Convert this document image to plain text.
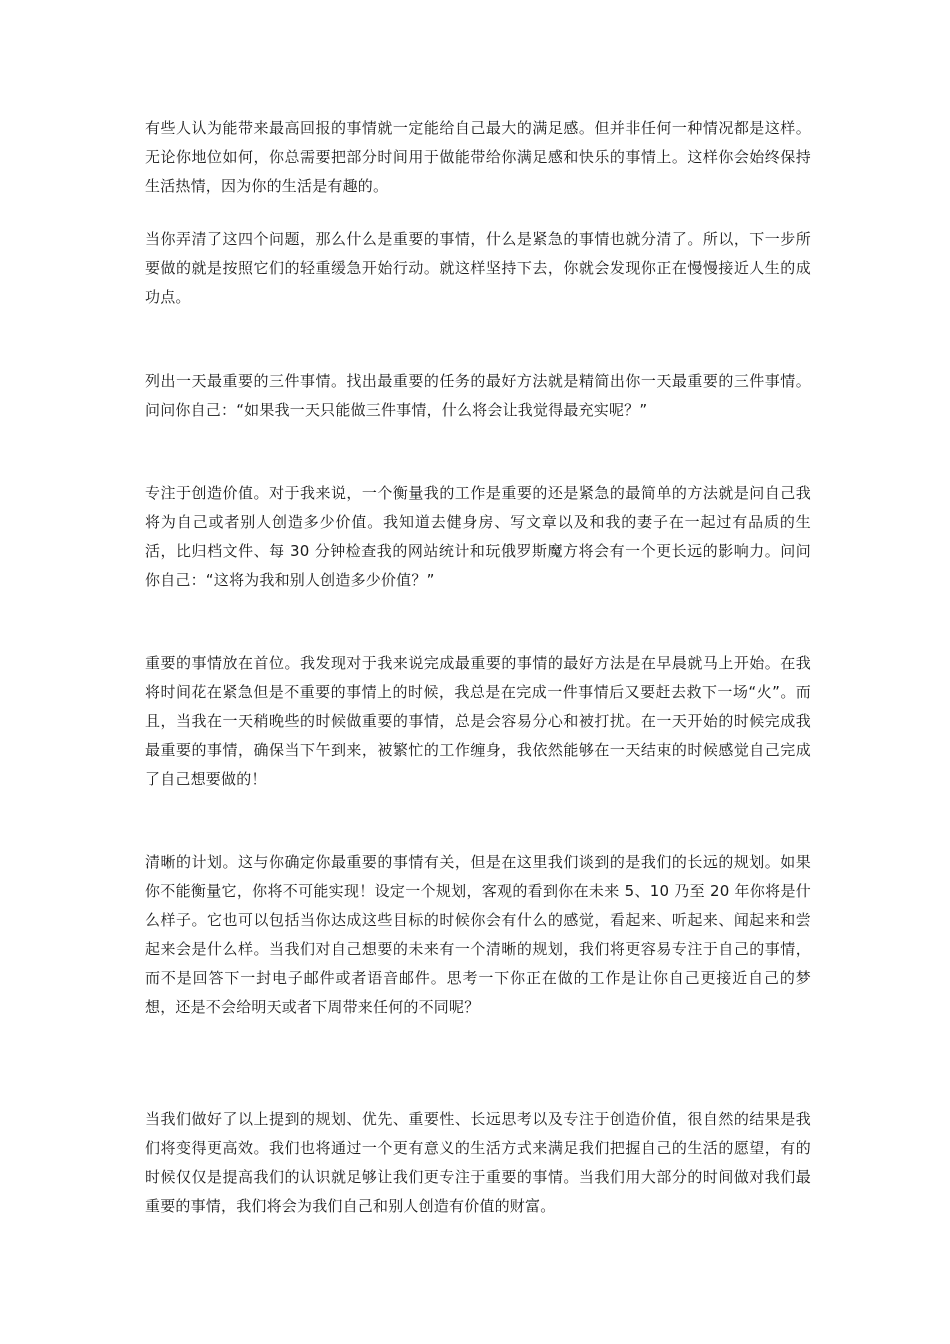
有些人认为能带来最高回报的事情就一定能给自己最大的满足感。但并非任何一种情况都是这样。无论你地位如何，你总需要把部分时间用于做能带给你满足感和快乐的事情上。这样你会始终保持生活热情，因为你的生活是有趣的。

当你弄清了这四个问题，那么什么是重要的事情，什么是紧急的事情也就分清了。所以，下一步所要做的就是按照它们的轻重缓急开始行动。就这样坚持下去，你就会发现你正在慢慢接近人生的成功点。

列出一天最重要的三件事情。找出最重要的任务的最好方法就是精简出你一天最重要的三件事情。问问你自己：“如果我一天只能做三件事情，什么将会让我觉得最充实呢？”

专注于创造价值。对于我来说，一个衡量我的工作是重要的还是紧急的最简单的方法就是问自己我将为自己或者别人创造多少价值。我知道去健身房、写文章以及和我的妻子在一起过有品质的生活，比归档文件、每 30 分钟检查我的网站统计和玩俄罗斯魔方将会有一个更长远的影响力。问问你自己：“这将为我和别人创造多少价值？”

重要的事情放在首位。我发现对于我来说完成最重要的事情的最好方法是在早晨就马上开始。在我将时间花在紧急但是不重要的事情上的时候，我总是在完成一件事情后又要赶去救下一场“火”。而且，当我在一天稍晚些的时候做重要的事情，总是会容易分心和被打扰。在一天开始的时候完成我最重要的事情，确保当下午到来，被繁忙的工作缠身，我依然能够在一天结束的时候感觉自己完成了自己想要做的！

清晰的计划。这与你确定你最重要的事情有关，但是在这里我们谈到的是我们的长远的规划。如果你不能衡量它，你将不可能实现！设定一个规划，客观的看到你在未来 5、10 乃至 20 年你将是什么样子。它也可以包括当你达成这些目标的时候你会有什么的感觉，看起来、听起来、闻起来和尝起来会是什么样。当我们对自己想要的未来有一个清晰的规划，我们将更容易专注于自己的事情，而不是回答下一封电子邮件或者语音邮件。思考一下你正在做的工作是让你自己更接近自己的梦想，还是不会给明天或者下周带来任何的不同呢？

当我们做好了以上提到的规划、优先、重要性、长远思考以及专注于创造价值，很自然的结果是我们将变得更高效。我们也将通过一个更有意义的生活方式来满足我们把握自己的生活的愿望，有的时候仅仅是提高我们的认识就足够让我们更专注于重要的事情。当我们用大部分的时间做对我们最重要的事情，我们将会为我们自己和别人创造有价值的财富。
